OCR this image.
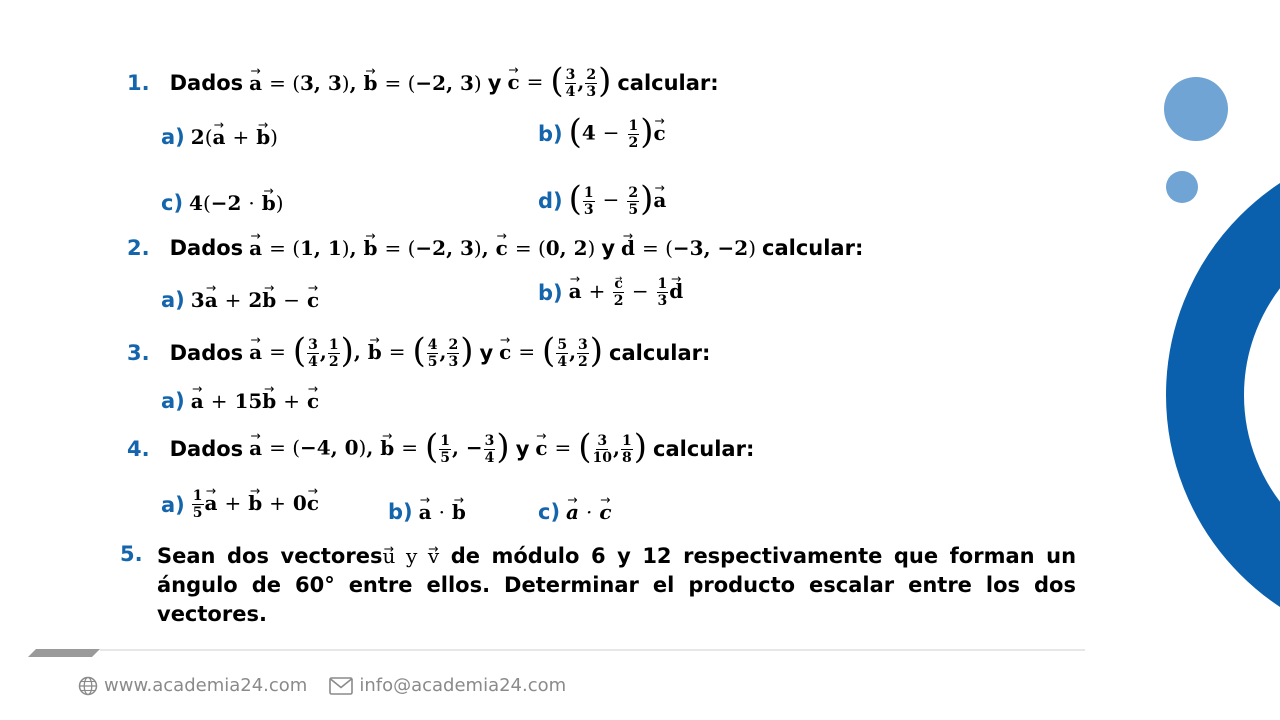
1. Dados
→ a = (3, 3), → b = (−2, 3) y
→ c = ( $\frac{3}{4}$ , $\frac{2}{3}$ ) calcular:
a) 2(→ a + → b)	b) ($4 - \frac{1}{2}$ )→ c
c) 4(−2 · → b)	d) ( $\frac{1}{3} - \frac{2}{5}$ )→ a
2. Dados
→ a = (1, 1), → b = (−2, 3), → c = (0, 2) y
→ d = (−3, −2) calcular:
a) 3→ a + 2→ b − → c	b)
→ a +
→ $\frac{c}{2} - \frac{1}{3}$
→ d
3. Dados
→ a = ( $\frac{3}{4}$ , $\frac{1}{2}$ ), → b = ( $\frac{4}{5}$ , $\frac{2}{3}$ ) y
→ c = ( $\frac{5}{4}$ , $\frac{3}{2}$ ) calcular:
a)
→ a + 15→ b + → c
4. Dados
→ a = (−4, 0), → b = ( $\frac{1}{5}$ , − $\frac{3}{4}$ ) y
→ c = ( $\frac{3}{10}$ , $\frac{1}{8}$ ) calcular:
$a) \frac{1}{5}$
→ a + → b + 0→ c	b)
→ a · → b	c)
→ a · → c
5. Sean dos vectores→ u y → v de módulo 6 y 12 respectivamente que forman un ángulo de 60° entre ellos. Determinar el producto escalar entre los dos vectores.
www.academia24.com	info@academia24.com
